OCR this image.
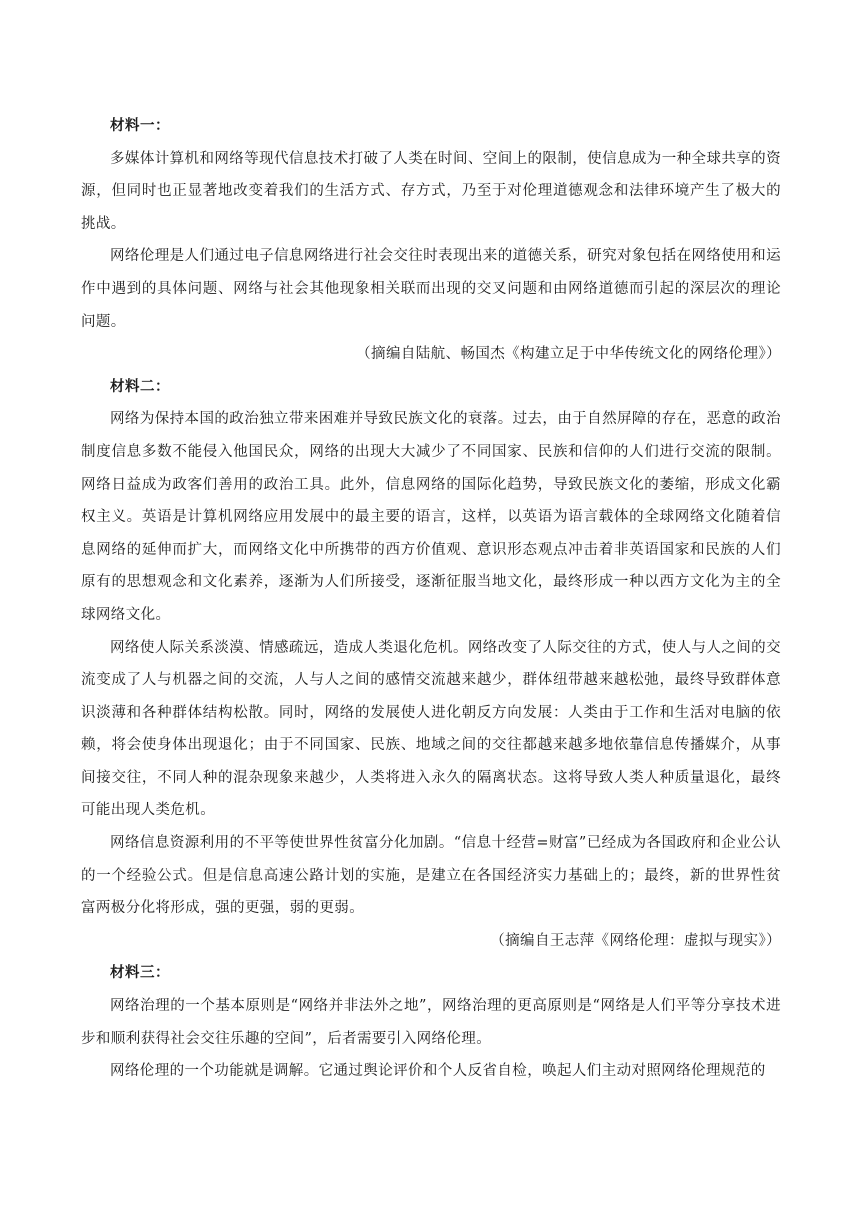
材料一：

多媒体计算机和网络等现代信息技术打破了人类在时间、空间上的限制，使信息成为一种全球共享的资源，但同时也正显著地改变着我们的生活方式、存方式，乃至于对伦理道德观念和法律环境产生了极大的挑战。

网络伦理是人们通过电子信息网络进行社会交往时表现出来的道德关系，研究对象包括在网络使用和运作中遇到的具体问题、网络与社会其他现象相关联而出现的交叉问题和由网络道德而引起的深层次的理论问题。

（摘编自陆航、畅国杰《构建立足于中华传统文化的网络伦理》）

材料二：

网络为保持本国的政治独立带来困难并导致民族文化的衰落。过去，由于自然屏障的存在，恶意的政治制度信息多数不能侵入他国民众，网络的出现大大减少了不同国家、民族和信仰的人们进行交流的限制。网络日益成为政客们善用的政治工具。此外，信息网络的国际化趋势，导致民族文化的萎缩，形成文化霸权主义。英语是计算机网络应用发展中的最主要的语言，这样，以英语为语言载体的全球网络文化随着信息网络的延伸而扩大，而网络文化中所携带的西方价值观、意识形态观点冲击着非英语国家和民族的人们原有的思想观念和文化素养，逐渐为人们所接受，逐渐征服当地文化，最终形成一种以西方文化为主的全球网络文化。

网络使人际关系淡漠、情感疏远，造成人类退化危机。网络改变了人际交往的方式，使人与人之间的交流变成了人与机器之间的交流，人与人之间的感情交流越来越少，群体纽带越来越松弛，最终导致群体意识淡薄和各种群体结构松散。同时，网络的发展使人进化朝反方向发展：人类由于工作和生活对电脑的依赖，将会使身体出现退化；由于不同国家、民族、地域之间的交往都越来越多地依靠信息传播媒介，从事间接交往，不同人种的混杂现象来越少，人类将进入永久的隔离状态。这将导致人类人种质量退化，最终可能出现人类危机。

网络信息资源利用的不平等使世界性贫富分化加剧。“信息十经营=财富”已经成为各国政府和企业公认的一个经验公式。但是信息高速公路计划的实施，是建立在各国经济实力基础上的；最终，新的世界性贫富两极分化将形成，强的更强，弱的更弱。

（摘编自王志萍《网络伦理：虚拟与现实》）

材料三：

网络治理的一个基本原则是“网络并非法外之地”，网络治理的更高原则是“网络是人们平等分享技术进步和顺利获得社会交往乐趣的空间”，后者需要引入网络伦理。

网络伦理的一个功能就是调解。它通过舆论评价和个人反省自检，唤起人们主动对照网络伦理规范的
